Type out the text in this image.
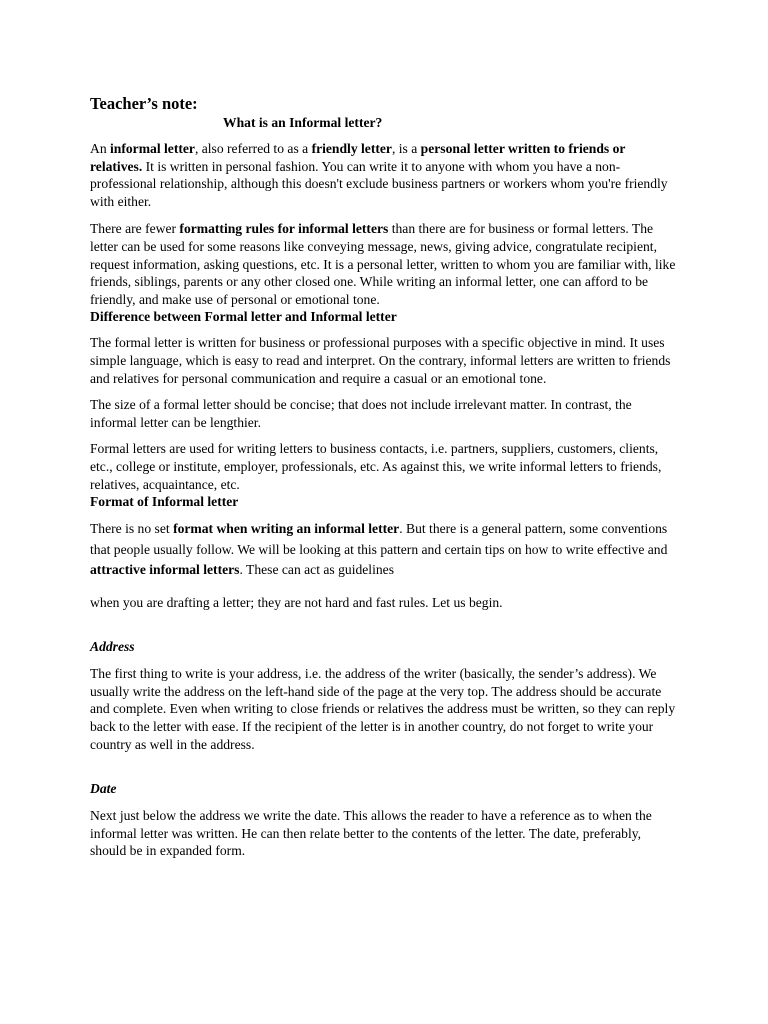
Teacher’s note:

What is an Informal letter?

An informal letter, also referred to as a friendly letter, is a personal letter written to friends or relatives. It is written in personal fashion. You can write it to anyone with whom you have a non-professional relationship, although this doesn't exclude business partners or workers whom you're friendly with either.

There are fewer formatting rules for informal letters than there are for business or formal letters. The letter can be used for some reasons like conveying message, news, giving advice, congratulate recipient, request information, asking questions, etc. It is a personal letter, written to whom you are familiar with, like friends, siblings, parents or any other closed one. While writing an informal letter, one can afford to be friendly, and make use of personal or emotional tone.

Difference between Formal letter and Informal letter

The formal letter is written for business or professional purposes with a specific objective in mind. It uses simple language, which is easy to read and interpret. On the contrary, informal letters are written to friends and relatives for personal communication and require a casual or an emotional tone.

The size of a formal letter should be concise; that does not include irrelevant matter. In contrast, the informal letter can be lengthier.

Formal letters are used for writing letters to business contacts, i.e. partners, suppliers, customers, clients, etc., college or institute, employer, professionals, etc. As against this, we write informal letters to friends, relatives, acquaintance, etc.

Format of Informal letter

There is no set format when writing an informal letter. But there is a general pattern, some conventions that people usually follow. We will be looking at this pattern and certain tips on how to write effective and attractive informal letters. These can act as guidelines

when you are drafting a letter; they are not hard and fast rules. Let us begin.

Address

The first thing to write is your address, i.e. the address of the writer (basically, the sender’s address). We usually write the address on the left-hand side of the page at the very top. The address should be accurate and complete. Even when writing to close friends or relatives the address must be written, so they can reply back to the letter with ease. If the recipient of the letter is in another country, do not forget to write your country as well in the address.

Date

Next just below the address we write the date. This allows the reader to have a reference as to when the informal letter was written. He can then relate better to the contents of the letter. The date, preferably, should be in expanded form.
